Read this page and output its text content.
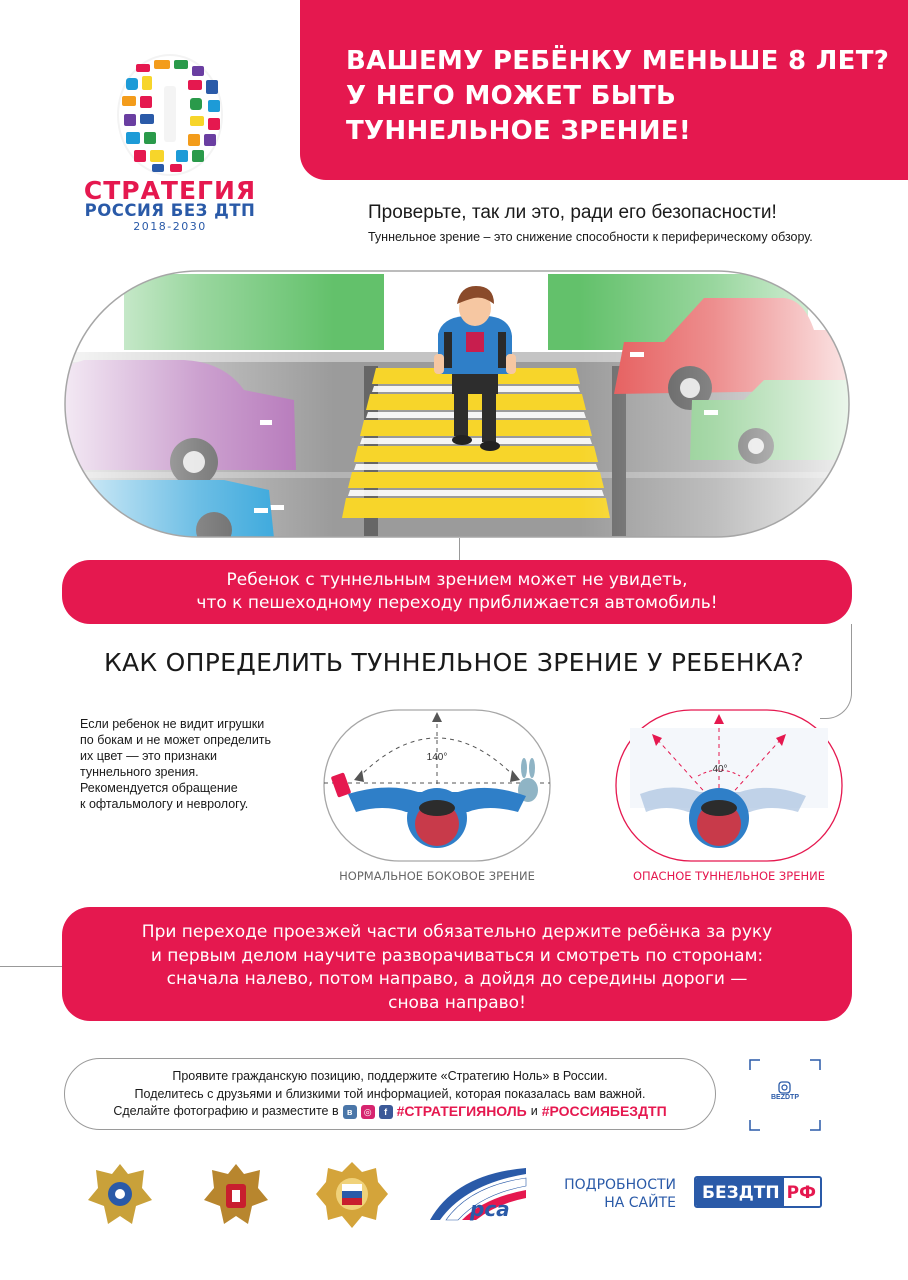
ВАШЕМУ РЕБЁНКУ МЕНЬШЕ 8 ЛЕТ?
У НЕГО МОЖЕТ БЫТЬ
ТУННЕЛЬНОЕ ЗРЕНИЕ!
СТРАТЕГИЯ
РОССИЯ БЕЗ ДТП
2018-2030
Проверьте, так ли это, ради его безопасности!
Туннельное зрение – это снижение способности к периферическому обзору.
Ребенок с туннельным зрением может не увидеть,
что к пешеходному переходу приближается автомобиль!
КАК ОПРЕДЕЛИТЬ ТУННЕЛЬНОЕ ЗРЕНИЕ У РЕБЕНКА?
Если ребенок не видит игрушки
по бокам и не может определить
их цвет — это признаки
туннельного зрения.
Рекомендуется обращение
к офтальмологу и неврологу.
140°
НОРМАЛЬНОЕ БОКОВОЕ ЗРЕНИЕ
40°
ОПАСНОЕ ТУННЕЛЬНОЕ ЗРЕНИЕ
При переходе проезжей части обязательно держите ребёнка за руку
и первым делом научите разворачиваться и смотреть по сторонам:
сначала налево, потом направо, а дойдя до середины дороги —
снова направо!
Проявите гражданскую позицию, поддержите «Стратегию Ноль» в России.
Поделитесь с друзьями и близкими той информацией, которая показалась вам важной.
Сделайте фотографию и разместите в в	◎	f #СТРАТЕГИЯНОЛЬ и #РОССИЯБЕЗДТП
BEZDTP
рса
ПОДРОБНОСТИ
НА САЙТЕ	БЕЗДТП РФ
